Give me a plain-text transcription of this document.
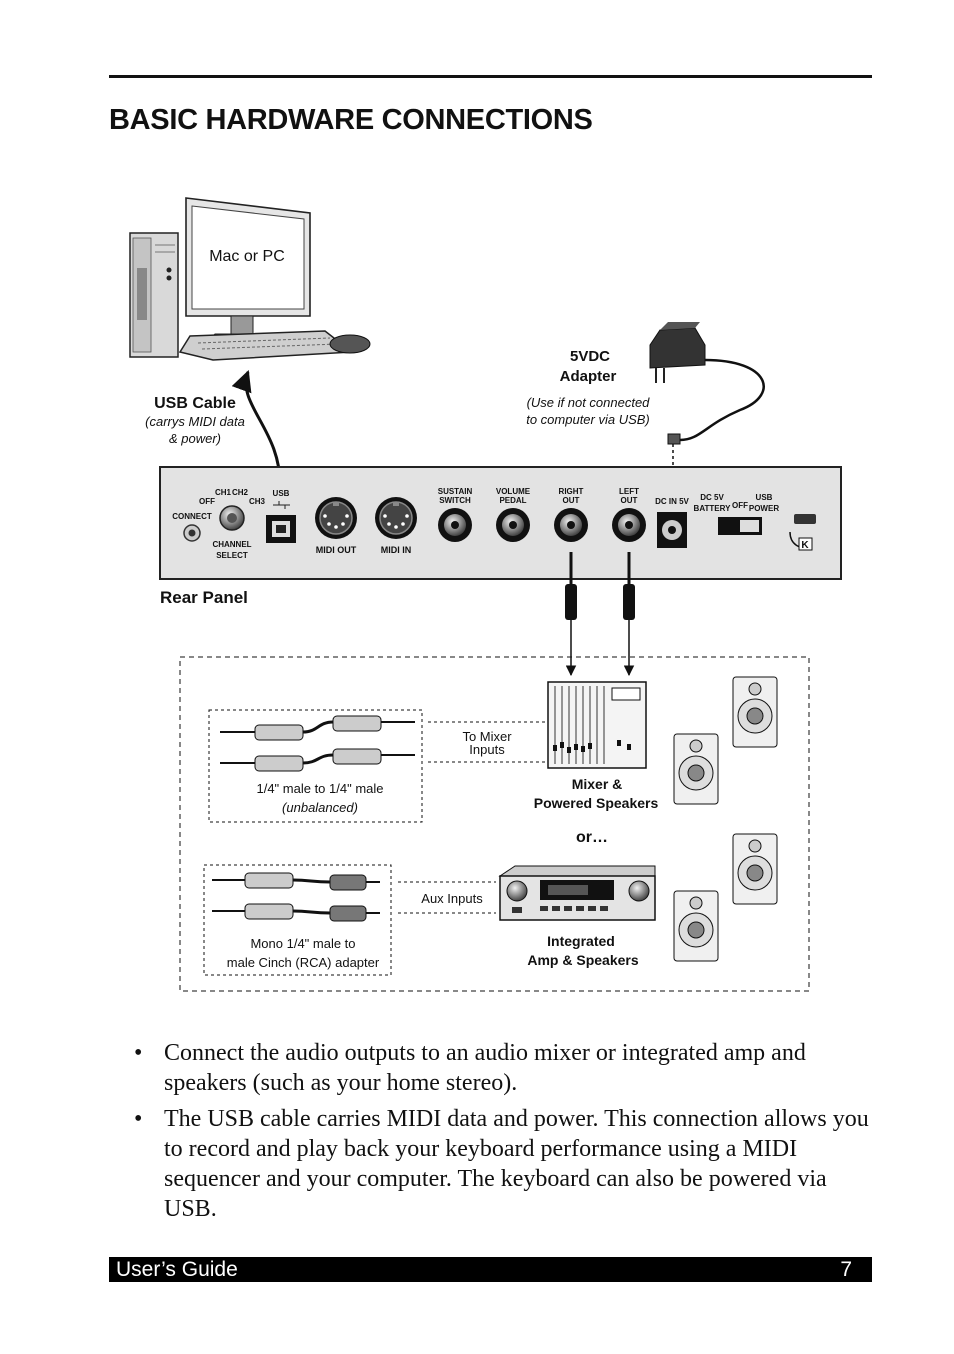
BASIC HARDWARE CONNECTIONS
Mac or PC
USB Cable
(carrys MIDI data
& power)
5VDC
Adapter
(Use if not connected
to computer via USB)
CONNECT
CH1 CH2
OFF	CH3
CHANNEL
SELECT
USB
MIDI OUT	MIDI IN
SUSTAIN
SWITCH
VOLUME
PEDAL
RIGHT
OUT
LEFT
OUT DC IN 5V DC 5V
BATTERY OFF
USB
POWER
K
Rear Panel
1/4" male to 1/4" male
(unbalanced)
To Mixer
Inputs
Mixer &
Powered Speakers
or…
Mono 1/4" male to
male Cinch (RCA) adapter
Aux Inputs
Integrated
Amp & Speakers
• Connect the audio outputs to an audio mixer or integrated amp and speakers (such as your home stereo).
• The USB cable carries MIDI data and power. This connection allows you to record and play back your keyboard performance using a MIDI sequencer and your computer. The keyboard can also be powered via USB.
User’s Guide	7
